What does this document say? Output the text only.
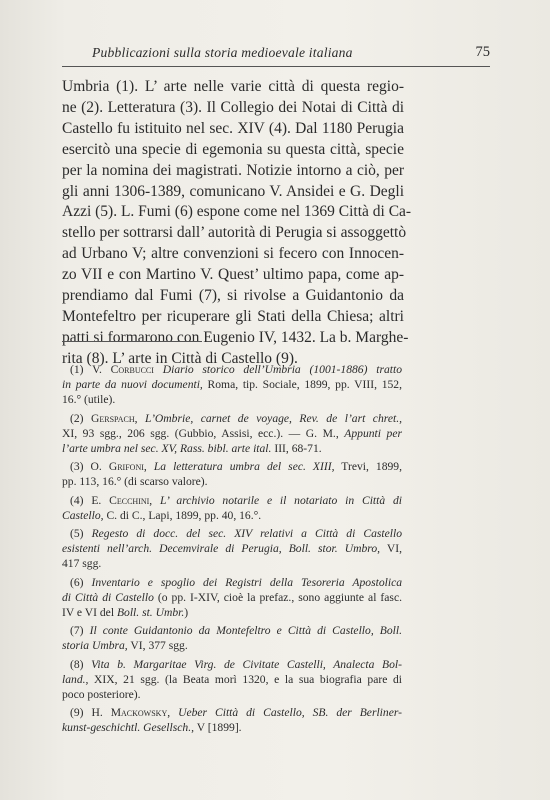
Pubblicazioni sulla storia medioevale italiana	75
Umbria (1). L’ arte nelle varie città di questa regio-
ne (2). Letteratura (3). Il Collegio dei Notai di Città di
Castello fu istituito nel sec. XIV (4). Dal 1180 Perugia
esercitò una specie di egemonia su questa città, specie
per la nomina dei magistrati. Notizie intorno a ciò, per
gli anni 1306-1389, comunicano V. Ansidei e G. Degli
Azzi (5). L. Fumi (6) espone come nel 1369 Città di Ca-
stello per sottrarsi dall’ autorità di Perugia si assoggettò
ad Urbano V; altre convenzioni si fecero con Innocen-
zo VII e con Martino V. Quest’ ultimo papa, come ap-
prendiamo dal Fumi (7), si rivolse a Guidantonio da
Montefeltro per ricuperare gli Stati della Chiesa; altri
patti si formarono con Eugenio IV, 1432. La b. Marghe-
rita (8). L’ arte in Città di Castello (9).
(1) V. Corbucci Diario storico dell’Umbria (1001-1886) tratto
in parte da nuovi documenti, Roma, tip. Sociale, 1899, pp. VIII, 152,
16.° (utile).
(2) Gerspach, L’Ombrie, carnet de voyage, Rev. de l’art chret.,
XI, 93 sgg., 206 sgg. (Gubbio, Assisi, ecc.). — G. M., Appunti per
l’arte umbra nel sec. XV, Rass. bibl. arte ital. III, 68-71.
(3) O. Grifoni, La letteratura umbra del sec. XIII, Trevi, 1899,
pp. 113, 16.° (di scarso valore).
(4) E. Cecchini, L’ archivio notarile e il notariato in Città di
Castello, C. di C., Lapi, 1899, pp. 40, 16.°.
(5) Regesto di docc. del sec. XIV relativi a Città di Castello
esistenti nell’arch. Decemvirale di Perugia, Boll. stor. Umbro, VI,
417 sgg.
(6) Inventario e spoglio dei Registri della Tesoreria Apostolica
di Città di Castello (o pp. I-XIV, cioè la prefaz., sono aggiunte al fasc.
IV e VI del Boll. st. Umbr.)
(7) Il conte Guidantonio da Montefeltro e Città di Castello, Boll.
storia Umbra, VI, 377 sgg.
(8) Vita b. Margaritae Virg. de Civitate Castelli, Analecta Bol-
land., XIX, 21 sgg. (la Beata morì 1320, e la sua biografia pare di
poco posteriore).
(9) H. Mackowsky, Ueber Città di Castello, SB. der Berliner-
kunst-geschichtl. Gesellsch., V [1899].
